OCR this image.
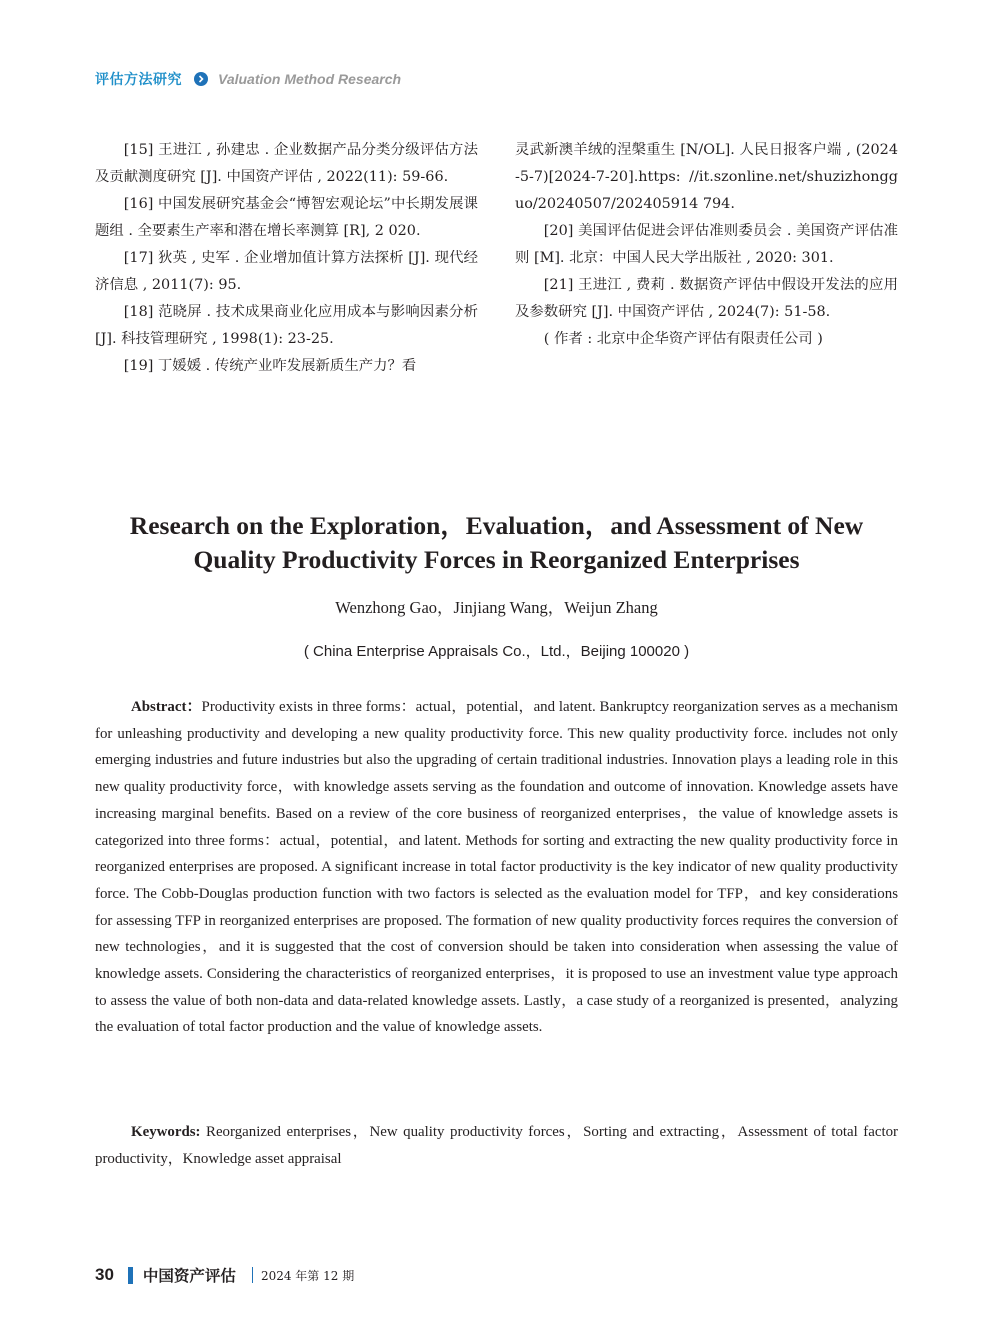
评估方法研究	Valuation Method Research

[15] 王进江 , 孙建忠 . 企业数据产品分类分级评估方法及贡献测度研究 [J]. 中国资产评估 , 2022(11): 59-66.

[16] 中国发展研究基金会“博智宏观论坛”中长期发展课题组 . 全要素生产率和潜在增长率测算 [R], 2 020.

[17] 狄英 , 史军 . 企业增加值计算方法探析 [J]. 现代经济信息 , 2011(7): 95.

[18] 范晓屏 . 技术成果商业化应用成本与影响因素分析 [J]. 科技管理研究 , 1998(1): 23-25.

[19] 丁媛媛 . 传统产业咋发展新质生产力？看

灵武新澳羊绒的涅槃重生 [N/OL]. 人民日报客户端 , (2024-5-7)[2024-7-20].https: //it.szonline.net/shuzizhongguo/20240507/202405914 794.

[20] 美国评估促进会评估准则委员会 . 美国资产评估准则 [M]. 北京：中国人民大学出版社 , 2020: 301.

[21] 王进江 , 费莉 . 数据资产评估中假设开发法的应用及参数研究 [J]. 中国资产评估 , 2024(7): 51-58.

( 作者 : 北京中企华资产评估有限责任公司 )

Research on the Exploration，Evaluation，and Assessment of New Quality Productivity Forces in Reorganized Enterprises
Wenzhong Gao，Jinjiang Wang，Weijun Zhang
( China Enterprise Appraisals Co.，Ltd.，Beijing 100020 )

Abstract：Productivity exists in three forms：actual，potential，and latent. Bankruptcy reorganization serves as a mechanism for unleashing productivity and developing a new quality productivity force. This new quality productivity force. includes not only emerging industries and future industries but also the upgrading of certain traditional industries. Innovation plays a leading role in this new quality productivity force，with knowledge assets serving as the foundation and outcome of innovation. Knowledge assets have increasing marginal benefits. Based on a review of the core business of reorganized enterprises，the value of knowledge assets is categorized into three forms：actual，potential，and latent. Methods for sorting and extracting the new quality productivity force in reorganized enterprises are proposed. A significant increase in total factor productivity is the key indicator of new quality productivity force. The Cobb-Douglas production function with two factors is selected as the evaluation model for TFP，and key considerations for assessing TFP in reorganized enterprises are proposed. The formation of new quality productivity forces requires the conversion of new technologies，and it is suggested that the cost of conversion should be taken into consideration when assessing the value of knowledge assets. Considering the characteristics of reorganized enterprises，it is proposed to use an investment value type approach to assess the value of both non-data and data-related knowledge assets. Lastly，a case study of a reorganized is presented，analyzing the evaluation of total factor production and the value of knowledge assets.

Keywords: Reorganized enterprises，New quality productivity forces，Sorting and extracting，Assessment of total factor productivity，Knowledge asset appraisal

30 中国资产评估 2024 年第 12 期
